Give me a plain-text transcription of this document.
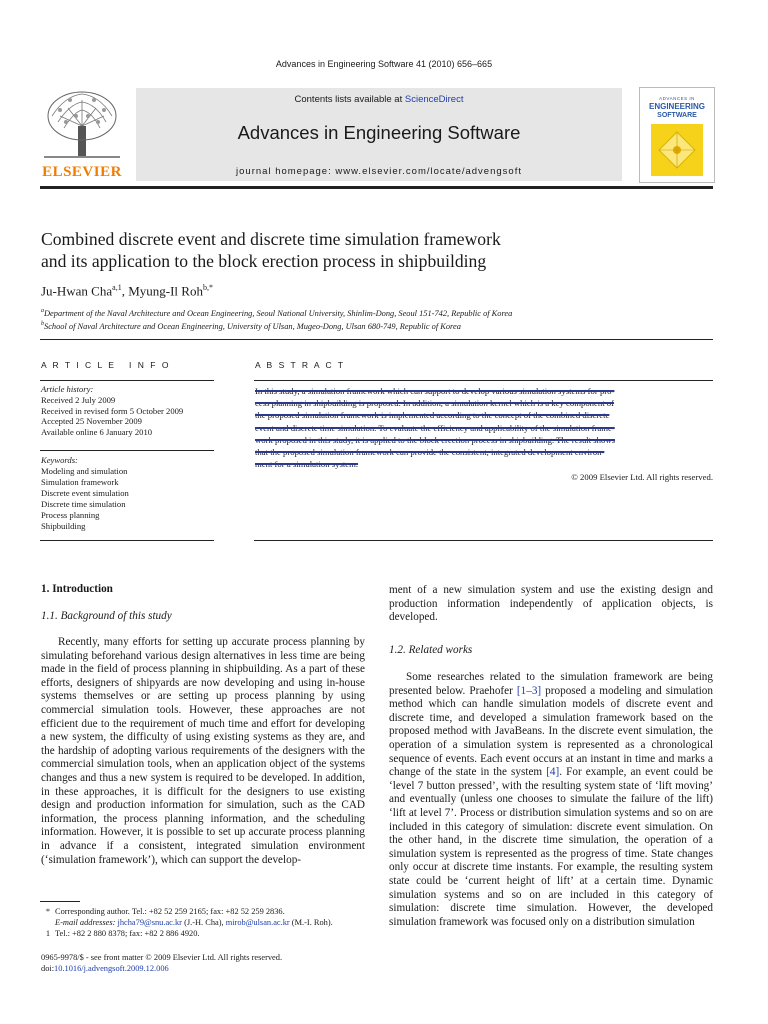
Advances in Engineering Software 41 (2010) 656–665
ELSEVIER
Contents lists available at ScienceDirect
Advances in Engineering Software
journal homepage: www.elsevier.com/locate/advengsoft
ADVANCES IN
ENGINEERING
SOFTWARE
Combined discrete event and discrete time simulation framework
and its application to the block erection process in shipbuilding
Ju-Hwan Cha$^{a,1}$, Myung-Il Roh$^{b,*}$
$^a$Department of the Naval Architecture and Ocean Engineering, Seoul National University, Shinlim-Dong, Seoul 151-742, Republic of Korea
$^b$School of Naval Architecture and Ocean Engineering, University of Ulsan, Mugeo-Dong, Ulsan 680-749, Republic of Korea
A R T I C L E   I N F O
Article history:
Received 2 July 2009
Received in revised form 5 October 2009
Accepted 25 November 2009
Available online 6 January 2010
Keywords:
Modeling and simulation
Simulation framework
Discrete event simulation
Discrete time simulation
Process planning
Shipbuilding
A B S T R A C T
In this study, a simulation framework which can support to develop various simulation systems for pro-
cess planning in shipbuilding is proposed. In addition, a simulation kernel which is a key component of
the proposed simulation framework is implemented according to the concept of the combined discrete
event and discrete time simulation. To evaluate the efficiency and applicability of the simulation frame-
work proposed in this study, it is applied to the block erection process in shipbuilding. The result shows
that the proposed simulation framework can provide the consistent, integrated development environ-
ment for a simulation system.
© 2009 Elsevier Ltd. All rights reserved.
1. Introduction
1.1. Background of this study

Recently, many efforts for setting up accurate process planning by simulating beforehand various design alternatives in less time are being made in the field of process planning in shipbuilding. As a part of these efforts, designers of shipyards are now developing and using in-house systems themselves or are setting up process planning by using commercial simulation tools. However, these approaches are not efficient due to the requirement of much time and effort for developing a new system, the difficulty of using existing systems as they are, and the hardship of adopting various requirements of the designers with the commercial simulation tools, when an application object of the systems changes and thus a new system is required to be developed. In addition, in these approaches, it is difficult for the designers to use existing design and production information for simulation, such as the CAD information, the process planning information, and the scheduling information. However, it is possible to set up accurate process planning in advance if a consistent, integrated simulation environment (‘simulation framework’), which can support the develop-

* Corresponding author. Tel.: +82 52 259 2165; fax: +82 52 259 2836.
E-mail addresses: jhcha79@snu.ac.kr (J.-H. Cha), mirob@ulsan.ac.kr (M.-I. Roh).
1 Tel.: +82 2 880 8378; fax: +82 2 886 4920.
0965-9978/$ - see front matter © 2009 Elsevier Ltd. All rights reserved.
doi:10.1016/j.advengsoft.2009.12.006

ment of a new simulation system and use the existing design and production information independently of application objects, is developed.

1.2. Related works

Some researches related to the simulation framework are being presented below. Praehofer [1–3] proposed a modeling and simulation method which can handle simulation models of discrete event and discrete time, and developed a simulation framework based on the proposed method with JavaBeans. In the discrete event simulation, the operation of a simulation system is represented as a chronological sequence of events. Each event occurs at an instant in time and marks a change of the state in the system [4]. For example, an event could be ‘level 7 button pressed’, with the resulting system state of ‘lift moving’ and eventually (unless one chooses to simulate the failure of the lift) ‘lift at level 7’. Process or distribution simulation systems and so on are included in this category of simulation: discrete event simulation. On the other hand, in the discrete time simulation, the operation of a simulation system is represented as the progress of time. State changes only occur at discrete time instants. For example, the resulting system state could be ‘current height of lift’ at a certain time. Dynamic simulation systems and so on are included in this category of simulation: discrete time simulation. However, the developed simulation framework was focused only on a distribution simulation
